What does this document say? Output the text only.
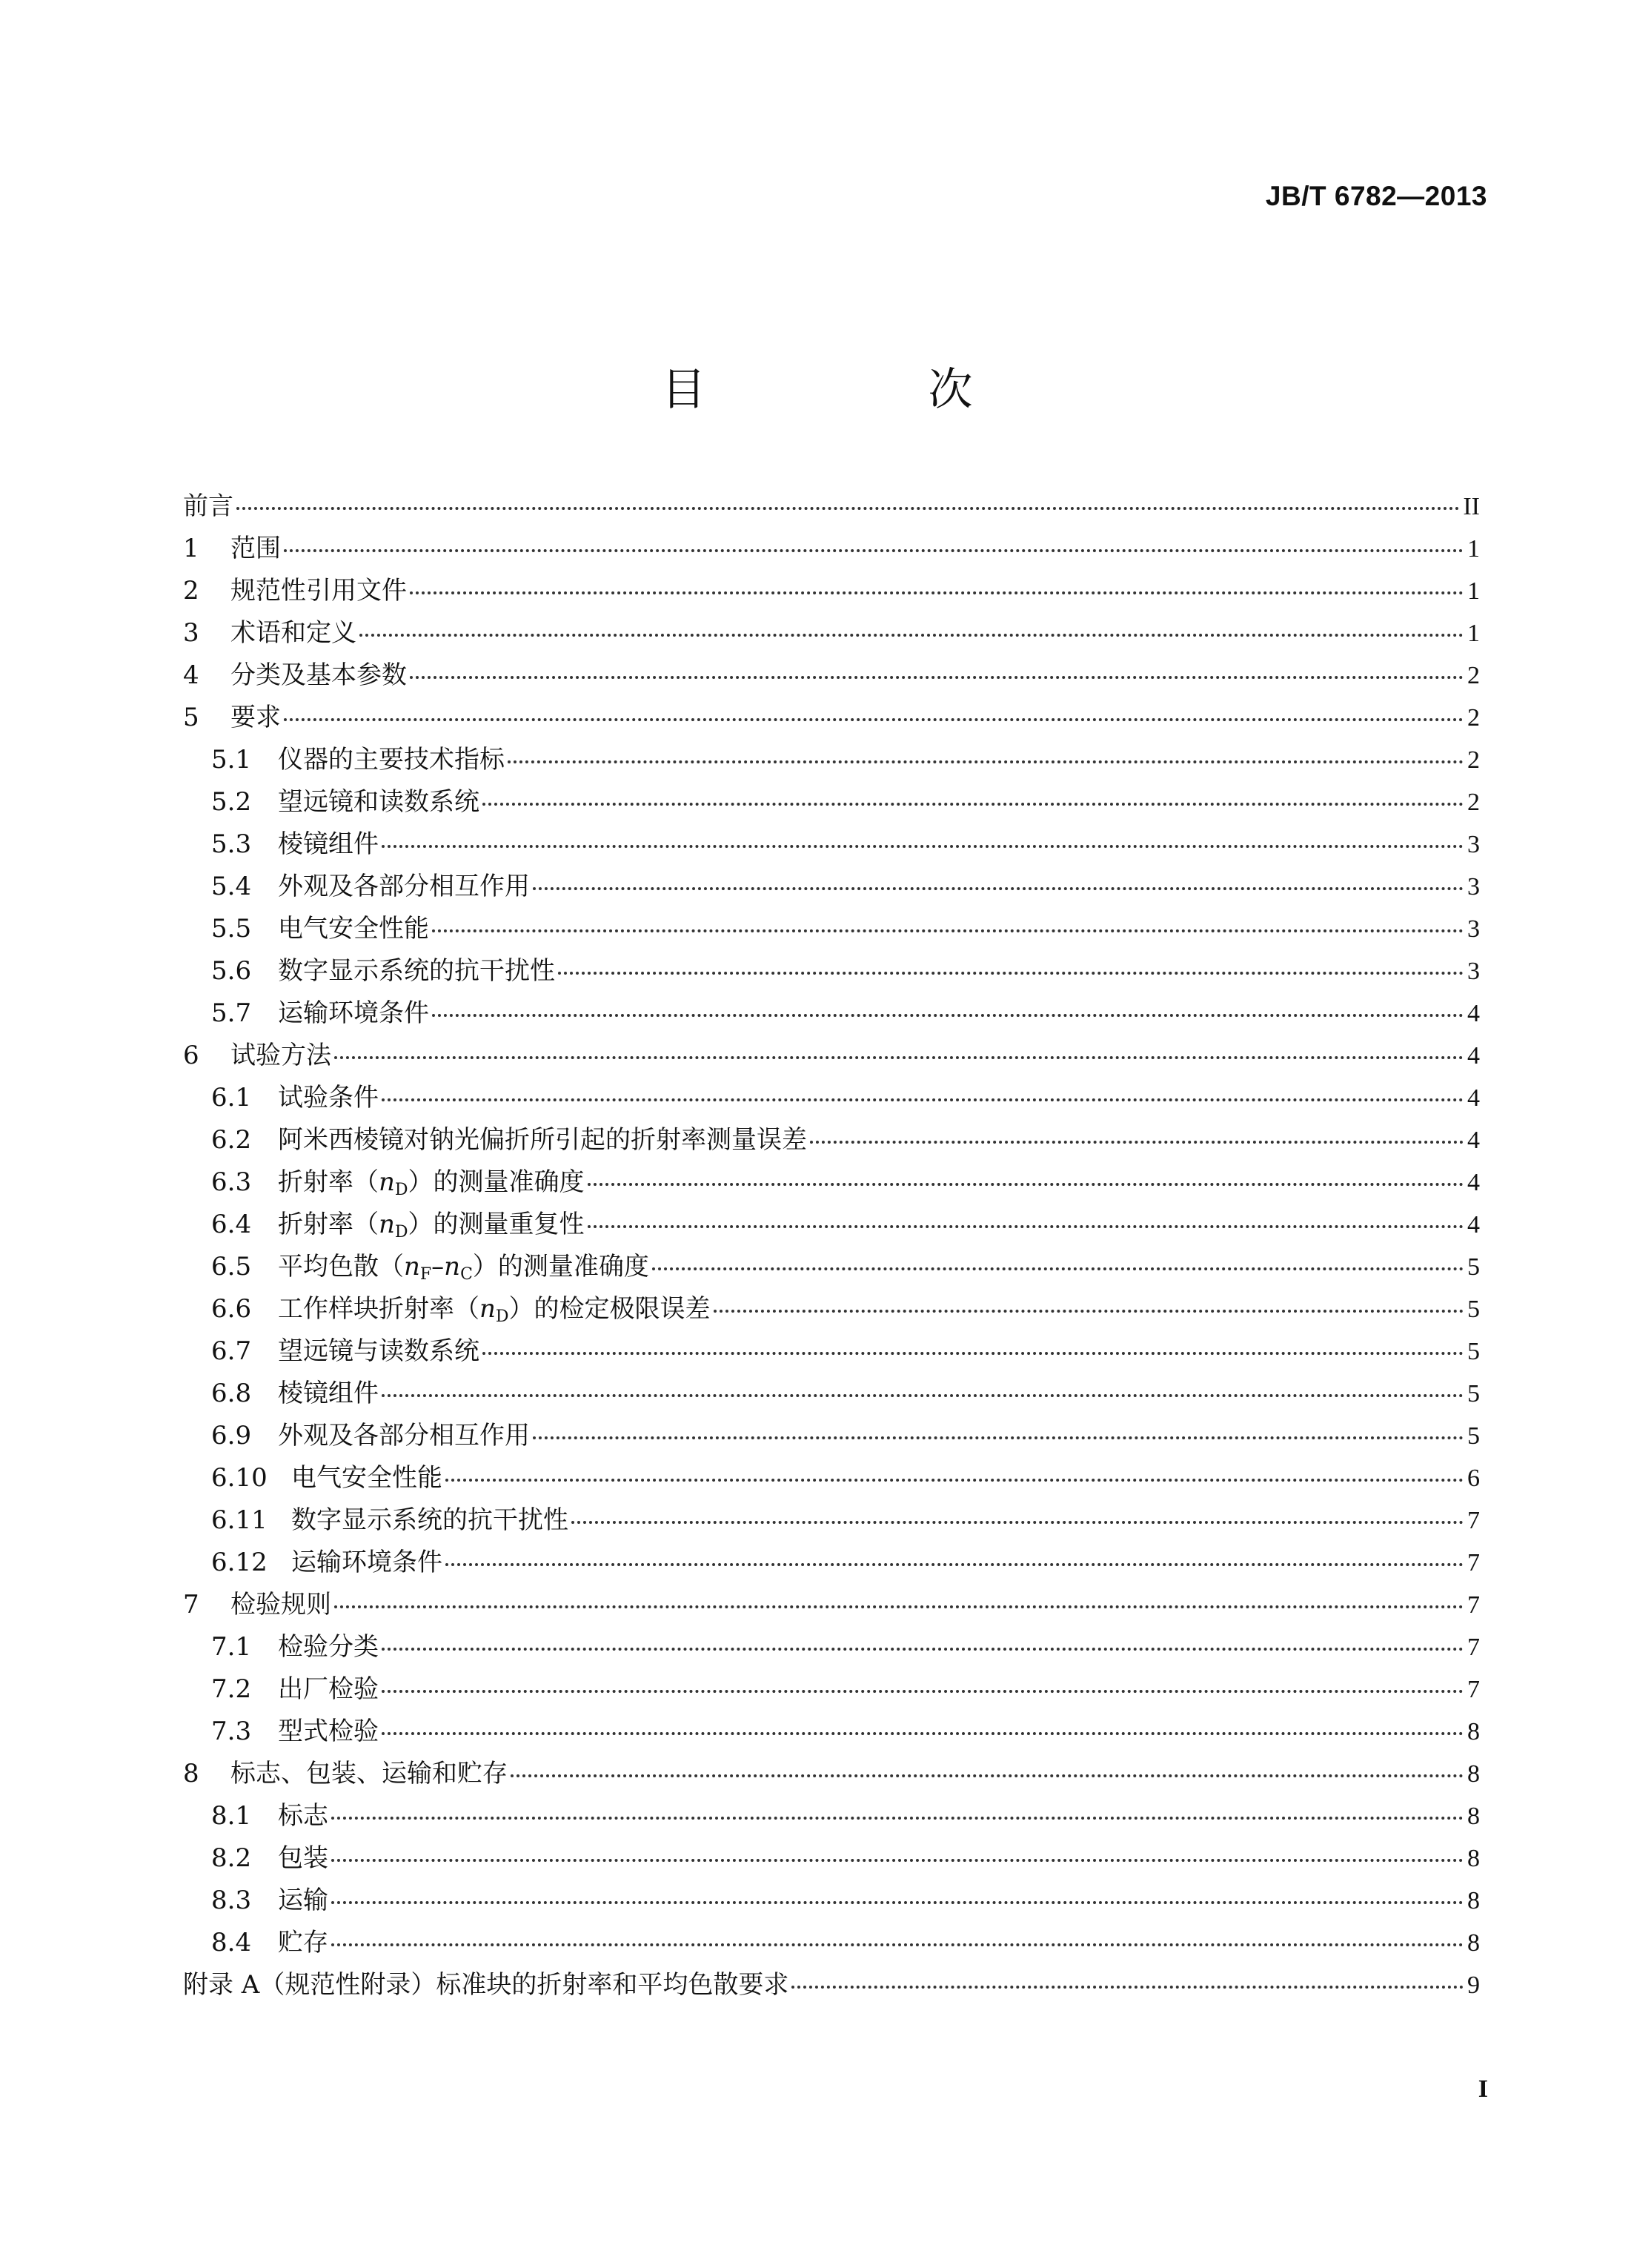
JB/T 6782—2013
目　次
前言	II
1	范围	1
2	规范性引用文件	1
3	术语和定义	1
4	分类及基本参数	2
5	要求	2
5.1	仪器的主要技术指标	2
5.2	望远镜和读数系统	2
5.3	棱镜组件	3
5.4	外观及各部分相互作用	3
5.5	电气安全性能	3
5.6	数字显示系统的抗干扰性	3
5.7	运输环境条件	4
6	试验方法	4
6.1	试验条件	4
6.2	阿米西棱镜对钠光偏折所引起的折射率测量误差	4
6.3	折射率$(n_D)$的测量准确度	4
6.4	折射率$(n_D)$的测量重复性	4
6.5	平均色散$(n_F-n_C)$的测量准确度	5
6.6	工作样块折射率$(n_D)$的检定极限误差	5
6.7	望远镜与读数系统	5
6.8	棱镜组件	5
6.9	外观及各部分相互作用	5
6.10 电气安全性能	6
6.11 数字显示系统的抗干扰性	7
6.12 运输环境条件	7
7	检验规则	7
7.1	检验分类	7
7.2	出厂检验	7
7.3	型式检验	8
8	标志、包装、运输和贮存	8
8.1	标志	8
8.2	包装	8
8.3	运输	8
8.4	贮存	8
附录 A（规范性附录）标准块的折射率和平均色散要求	9
I
